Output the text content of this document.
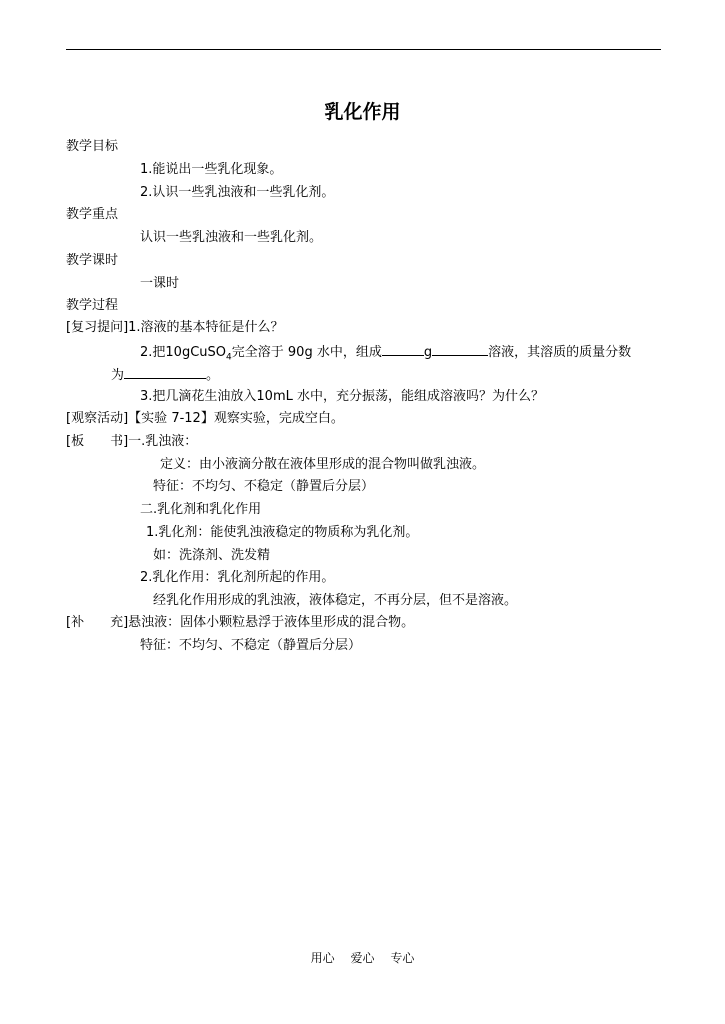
乳化作用
教学目标
1.能说出一些乳化现象。
2.认识一些乳浊液和一些乳化剂。
教学重点
认识一些乳浊液和一些乳化剂。
教学课时
一课时
教学过程
[复习提问]1.溶液的基本特征是什么？
2.把10gCuSO$_4$完全溶于 90g 水中，组成	g	溶液，其溶质的质量分数
为	。
3.把几滴花生油放入10mL 水中，充分振荡，能组成溶液吗？为什么？
[观察活动]【实验 7-12】观察实验，完成空白。
[板　　书]一.乳浊液：
定义：由小液滴分散在液体里形成的混合物叫做乳浊液。
特征：不均匀、不稳定（静置后分层）
二.乳化剂和乳化作用
1.乳化剂：能使乳浊液稳定的物质称为乳化剂。
如：洗涤剂、洗发精
2.乳化作用：乳化剂所起的作用。
经乳化作用形成的乳浊液，液体稳定，不再分层，但不是溶液。
[补　　充]悬浊液：固体小颗粒悬浮于液体里形成的混合物。
特征：不均匀、不稳定（静置后分层）
用心 爱心 专心
